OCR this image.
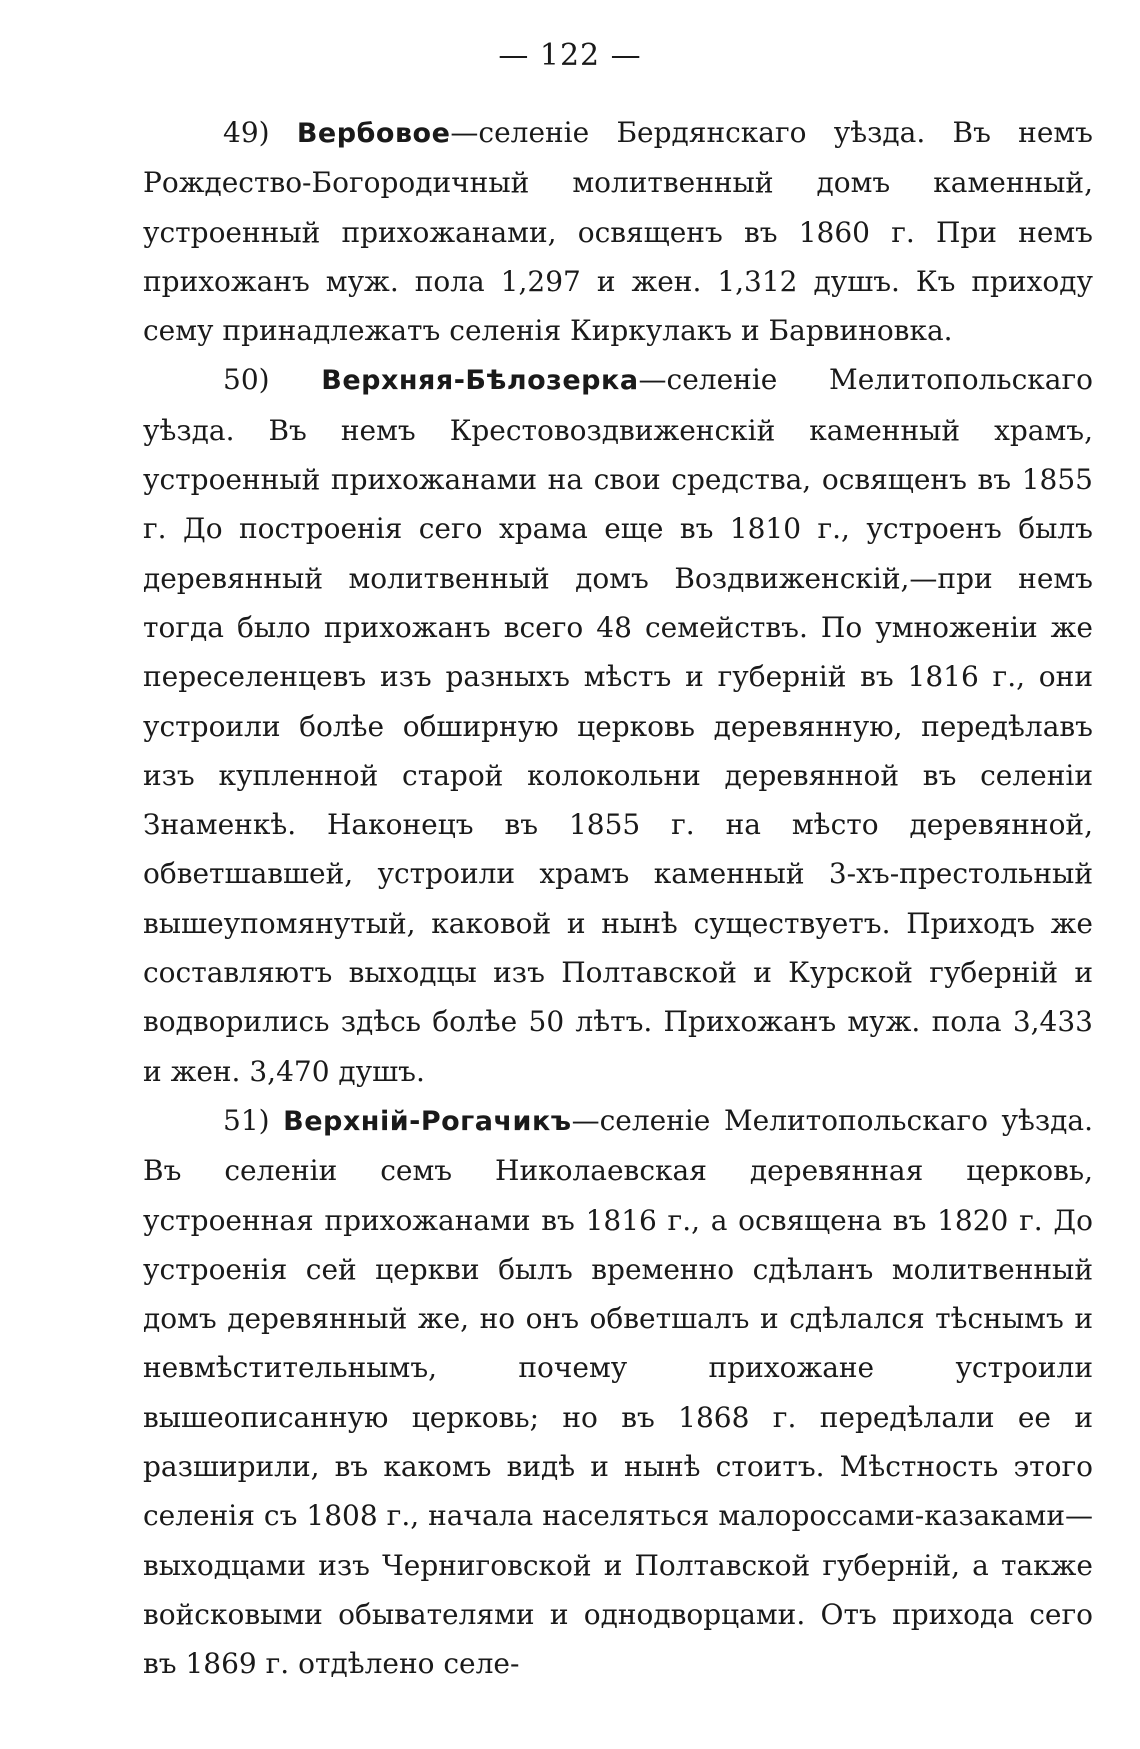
— 122 —

49) Вербовое—селеніе Бердянскаго уѣзда. Въ немъ Рождество-Богородичный молитвенный домъ каменный, устроенный прихожанами, освященъ въ 1860 г. При немъ прихожанъ муж. пола 1,297 и жен. 1,312 душъ. Къ приходу сему принадлежатъ селенія Киркулакъ и Барвиновка.

50) Верхняя-Бѣлозерка—селеніе Мелитопольскаго уѣзда. Въ немъ Крестовоздвиженскій каменный храмъ, устроенный прихожанами на свои средства, освященъ въ 1855 г. До построенія сего храма еще въ 1810 г., устроенъ былъ деревянный молитвенный домъ Воздвиженскій,—при немъ тогда было прихожанъ всего 48 семействъ. По умноженіи же переселенцевъ изъ разныхъ мѣстъ и губерній въ 1816 г., они устроили болѣе обширную церковь деревянную, передѣлавъ изъ купленной старой колокольни деревянной въ селеніи Знаменкѣ. Наконецъ въ 1855 г. на мѣсто деревянной, обветшавшей, устроили храмъ каменный 3-хъ-престольный вышеупомянутый, каковой и нынѣ существуетъ. Приходъ же составляютъ выходцы изъ Полтавской и Курской губерній и водворились здѣсь болѣе 50 лѣтъ. Прихожанъ муж. пола 3,433 и жен. 3,470 душъ.

51) Верхній-Рогачикъ—селеніе Мелитопольскаго уѣзда. Въ селеніи семъ Николаевская деревянная церковь, устроенная прихожанами въ 1816 г., а освящена въ 1820 г. До устроенія сей церкви былъ временно сдѣланъ молитвенный домъ деревянный же, но онъ обветшалъ и сдѣлался тѣснымъ и невмѣстительнымъ, почему прихожане устроили вышеописанную церковь; но въ 1868 г. передѣлали ее и разширили, въ какомъ видѣ и нынѣ стоитъ. Мѣстность этого селенія съ 1808 г., начала населяться малороссами-казаками—выходцами изъ Черниговской и Полтавской губерній, а также войсковыми обывателями и однодворцами. Отъ прихода сего въ 1869 г. отдѣлено селе-
